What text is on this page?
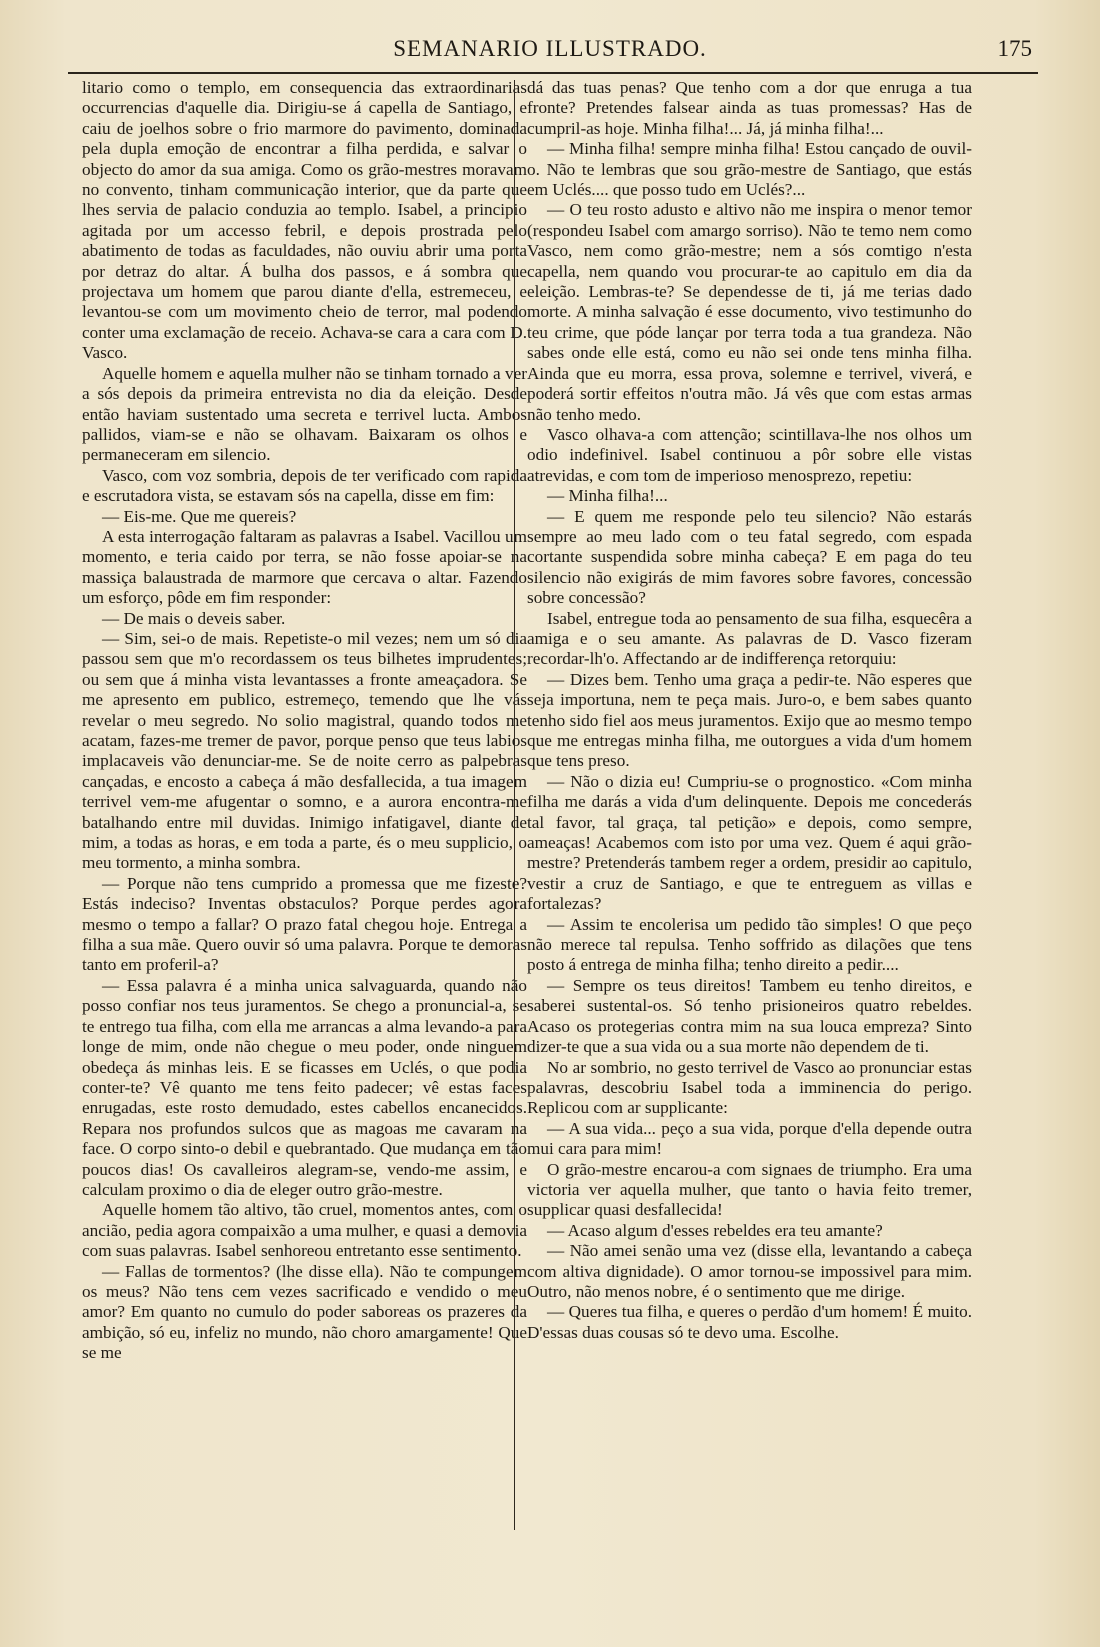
SEMANARIO ILLUSTRADO.	175

litario como o templo, em consequencia das extraordinarias occurrencias d'aquelle dia. Dirigiu-se á capella de Santiago, e caiu de joelhos sobre o frio marmore do pavimento, dominada pela dupla emoção de encontrar a filha perdida, e salvar o objecto do amor da sua amiga. Como os grão-mestres moravam no convento, tinham communicação interior, que da parte que lhes servia de palacio conduzia ao templo. Isabel, a principio agitada por um accesso febril, e depois prostrada pelo abatimento de todas as faculdades, não ouviu abrir uma porta por detraz do altar. Á bulha dos passos, e á sombra que projectava um homem que parou diante d'ella, estremeceu, e levantou-se com um movimento cheio de terror, mal podendo conter uma exclamação de receio. Achava-se cara a cara com D. Vasco.

Aquelle homem e aquella mulher não se tinham tornado a ver a sós depois da primeira entrevista no dia da eleição. Desde então haviam sustentado uma secreta e terrivel lucta. Ambos pallidos, viam-se e não se olhavam. Baixaram os olhos e permaneceram em silencio.

Vasco, com voz sombria, depois de ter verificado com rapida e escrutadora vista, se estavam sós na capella, disse em fim:

— Eis-me. Que me quereis?

A esta interrogação faltaram as palavras a Isabel. Vacillou um momento, e teria caido por terra, se não fosse apoiar-se na massiça balaustrada de marmore que cercava o altar. Fazendo um esforço, pôde em fim responder:

— De mais o deveis saber.

— Sim, sei-o de mais. Repetiste-o mil vezes; nem um só dia passou sem que m'o recordassem os teus bilhetes imprudentes; ou sem que á minha vista levantasses a fronte ameaçadora. Se me apresento em publico, estremeço, temendo que lhe vás revelar o meu segredo. No solio magistral, quando todos me acatam, fazes-me tremer de pavor, porque penso que teus labios implacaveis vão denunciar-me. Se de noite cerro as palpebras cançadas, e encosto a cabeça á mão desfallecida, a tua imagem terrivel vem-me afugentar o somno, e a aurora encontra-me batalhando entre mil duvidas. Inimigo infatigavel, diante de mim, a todas as horas, e em toda a parte, és o meu supplicio, o meu tormento, a minha sombra.

— Porque não tens cumprido a promessa que me fizeste? Estás indeciso? Inventas obstaculos? Porque perdes agora mesmo o tempo a fallar? O prazo fatal chegou hoje. Entrega a filha a sua mãe. Quero ouvir só uma palavra. Porque te demoras tanto em proferil-a?

— Essa palavra é a minha unica salvaguarda, quando não posso confiar nos teus juramentos. Se chego a pronuncial-a, se te entrego tua filha, com ella me arrancas a alma levando-a para longe de mim, onde não chegue o meu poder, onde ninguem obedeça ás minhas leis. E se ficasses em Uclés, o que podia conter-te? Vê quanto me tens feito padecer; vê estas faces enrugadas, este rosto demudado, estes cabellos encanecidos. Repara nos profundos sulcos que as magoas me cavaram na face. O corpo sinto-o debil e quebrantado. Que mudança em tão poucos dias! Os cavalleiros alegram-se, vendo-me assim, e calculam proximo o dia de eleger outro grão-mestre.

Aquelle homem tão altivo, tão cruel, momentos antes, com o ancião, pedia agora compaixão a uma mulher, e quasi a demovia com suas palavras. Isabel senhoreou entretanto esse sentimento.

— Fallas de tormentos? (lhe disse ella). Não te compungem os meus? Não tens cem vezes sacrificado e vendido o meu amor? Em quanto no cumulo do poder saboreas os prazeres da ambição, só eu, infeliz no mundo, não choro amargamente! Que se me

dá das tuas penas? Que tenho com a dor que enruga a tua fronte? Pretendes falsear ainda as tuas promessas? Has de cumpril-as hoje. Minha filha!... Já, já minha filha!...

— Minha filha! sempre minha filha! Estou cançado de ouvil-o. Não te lembras que sou grão-mestre de Santiago, que estás em Uclés.... que posso tudo em Uclés?...

— O teu rosto adusto e altivo não me inspira o menor temor (respondeu Isabel com amargo sorriso). Não te temo nem como Vasco, nem como grão-mestre; nem a sós comtigo n'esta capella, nem quando vou procurar-te ao capitulo em dia da eleição. Lembras-te? Se dependesse de ti, já me terias dado morte. A minha salvação é esse documento, vivo testimunho do teu crime, que póde lançar por terra toda a tua grandeza. Não sabes onde elle está, como eu não sei onde tens minha filha. Ainda que eu morra, essa prova, solemne e terrivel, viverá, e poderá sortir effeitos n'outra mão. Já vês que com estas armas não tenho medo.

Vasco olhava-a com attenção; scintillava-lhe nos olhos um odio indefinivel. Isabel continuou a pôr sobre elle vistas atrevidas, e com tom de imperioso menosprezo, repetiu:

— Minha filha!...

— E quem me responde pelo teu silencio? Não estarás sempre ao meu lado com o teu fatal segredo, com espada cortante suspendida sobre minha cabeça? E em paga do teu silencio não exigirás de mim favores sobre favores, concessão sobre concessão?

Isabel, entregue toda ao pensamento de sua filha, esquecêra a amiga e o seu amante. As palavras de D. Vasco fizeram recordar-lh'o. Affectando ar de indifferença retorquiu:

— Dizes bem. Tenho uma graça a pedir-te. Não esperes que seja importuna, nem te peça mais. Juro-o, e bem sabes quanto tenho sido fiel aos meus juramentos. Exijo que ao mesmo tempo que me entregas minha filha, me outorgues a vida d'um homem que tens preso.

— Não o dizia eu! Cumpriu-se o prognostico. «Com minha filha me darás a vida d'um delinquente. Depois me concederás tal favor, tal graça, tal petição» e depois, como sempre, ameaças! Acabemos com isto por uma vez. Quem é aqui grão-mestre? Pretenderás tambem reger a ordem, presidir ao capitulo, vestir a cruz de Santiago, e que te entreguem as villas e fortalezas?

— Assim te encolerisa um pedido tão simples! O que peço não merece tal repulsa. Tenho soffrido as dilações que tens posto á entrega de minha filha; tenho direito a pedir....

— Sempre os teus direitos! Tambem eu tenho direitos, e saberei sustental-os. Só tenho prisioneiros quatro rebeldes. Acaso os protegerias contra mim na sua louca empreza? Sinto dizer-te que a sua vida ou a sua morte não dependem de ti.

No ar sombrio, no gesto terrivel de Vasco ao pronunciar estas palavras, descobriu Isabel toda a imminencia do perigo. Replicou com ar supplicante:

— A sua vida... peço a sua vida, porque d'ella depende outra mui cara para mim!

O grão-mestre encarou-a com signaes de triumpho. Era uma victoria ver aquella mulher, que tanto o havia feito tremer, supplicar quasi desfallecida!

— Acaso algum d'esses rebeldes era teu amante?

— Não amei senão uma vez (disse ella, levantando a cabeça com altiva dignidade). O amor tornou-se impossivel para mim. Outro, não menos nobre, é o sentimento que me dirige.

— Queres tua filha, e queres o perdão d'um homem! É muito. D'essas duas cousas só te devo uma. Escolhe.
